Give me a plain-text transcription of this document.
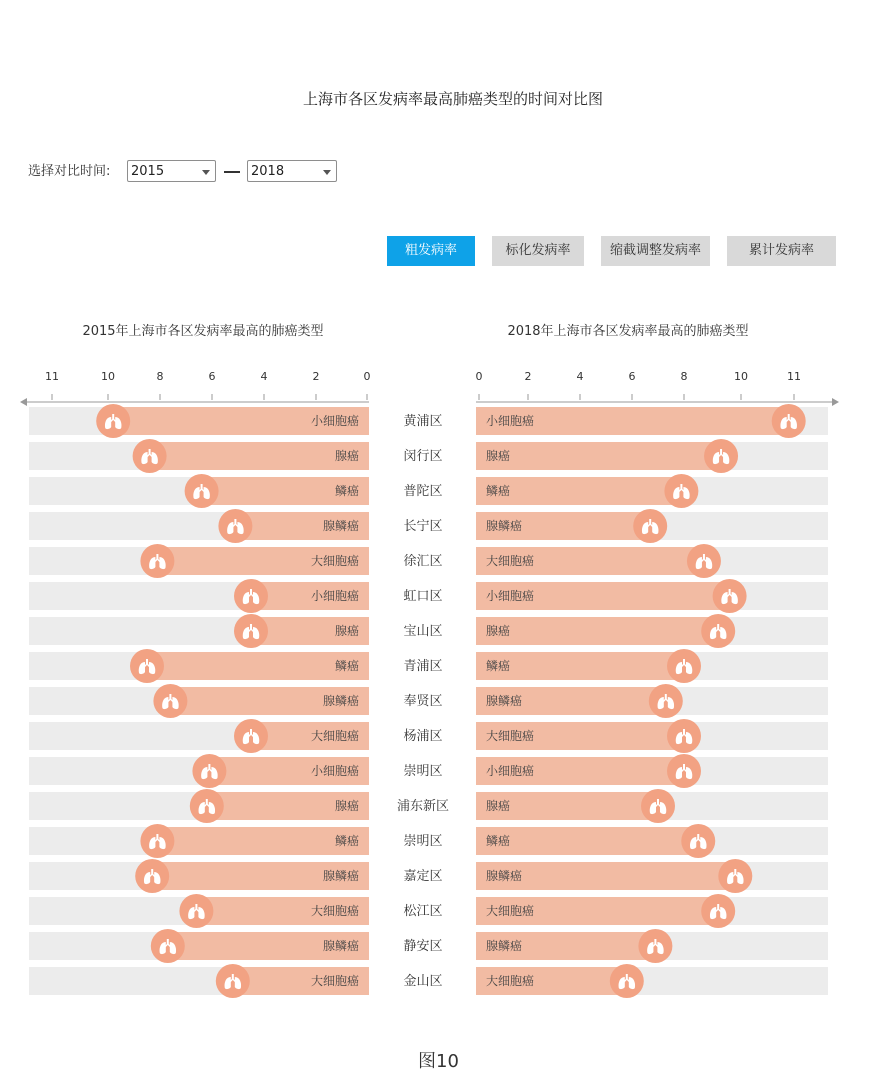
上海市各区发病率最高肺癌类型的时间对比图
选择对比时间:	2015	2018
粗发病率	标化发病率	缩截调整发病率	累计发病率
2015年上海市各区发病率最高的肺癌类型	2018年上海市各区发病率最高的肺癌类型
0
2
4
6
8
10
11	0	2	4	6	8	10	11
小细胞癌	黄浦区	小细胞癌
腺癌	闵行区	腺癌
鳞癌	普陀区	鳞癌
腺鳞癌	长宁区	腺鳞癌
大细胞癌	徐汇区	大细胞癌
小细胞癌	虹口区	小细胞癌
腺癌	宝山区	腺癌
鳞癌	青浦区	鳞癌
腺鳞癌	奉贤区	腺鳞癌
大细胞癌	杨浦区	大细胞癌
小细胞癌	崇明区	小细胞癌
腺癌	浦东新区	腺癌
鳞癌	崇明区	鳞癌
腺鳞癌	嘉定区	腺鳞癌
大细胞癌	松江区	大细胞癌
腺鳞癌	静安区	腺鳞癌
大细胞癌	金山区	大细胞癌
图10
